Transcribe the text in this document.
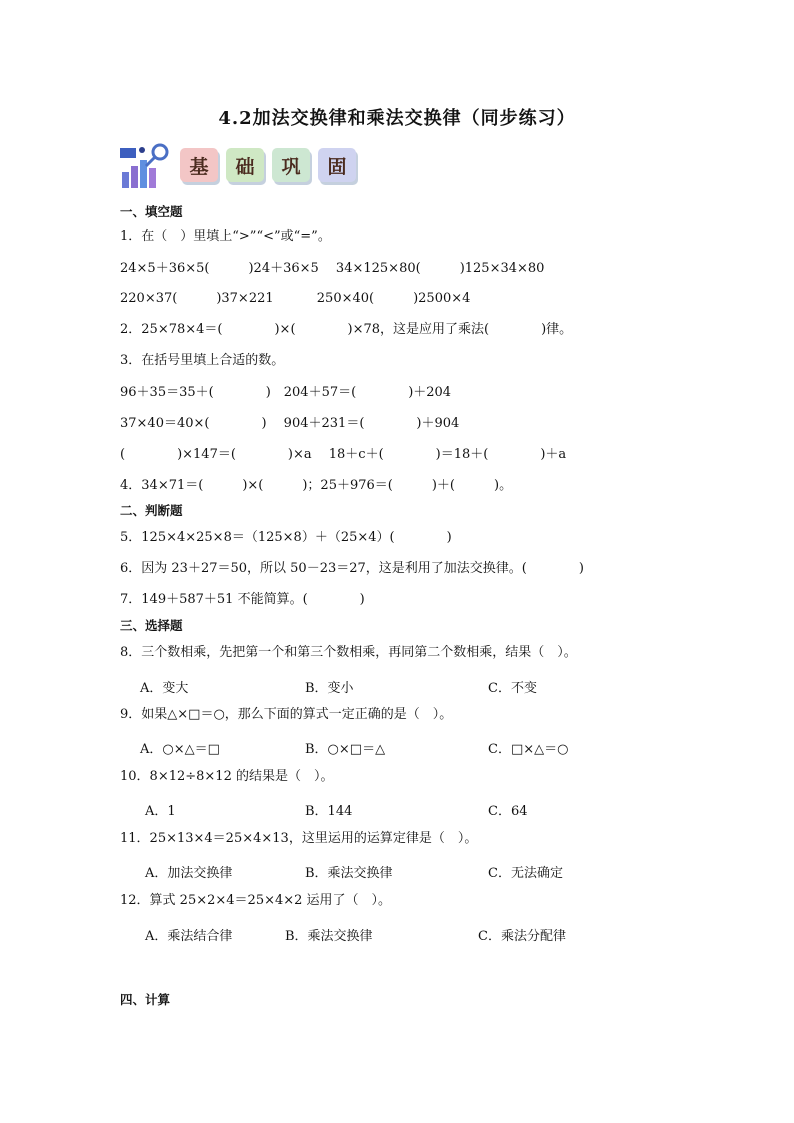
4.2加法交换律和乘法交换律（同步练习）
基	础	巩	固
一、填空题
1．在（　）里填上“>”“<”或“=”。
24×5＋36×5(　　　)24＋36×5　 34×125×80(　　　)125×34×80
220×37(　　　)37×221　　　 250×40(　　　)2500×4
2．25×78×4＝(　　　　)×(　　　　)×78，这是应用了乘法(　　　　)律。
3．在括号里填上合适的数。
96＋35＝35＋(　　　　)　204＋57＝(　　　　)＋204
37×40＝40×(　　　　)　 904＋231＝(　　　　)＋904
(　　　　)×147＝(　　　　)×a　 18＋c＋(　　　　)＝18＋(　　　　)＋a
4．34×71＝(　　　)×(　　　)；25＋976＝(　　　)＋(　　　)。
二、判断题
5．125×4×25×8＝（125×8）＋（25×4）(　　　　)
6．因为 23＋27＝50，所以 50－23＝27，这是利用了加法交换律。(　　　　)
7．149＋587＋51 不能简算。(　　　　)
三、选择题
8．三个数相乘，先把第一个和第三个数相乘，再同第二个数相乘，结果（　）。
A．变大	B．变小	C．不变
9．如果△×□＝○，那么下面的算式一定正确的是（　）。
A．○×△＝□	B．○×□＝△	C．□×△＝○
10．8×12÷8×12 的结果是（　）。
A．1	B．144	C．64
11．25×13×4＝25×4×13，这里运用的运算定律是（　）。
A．加法交换律	B．乘法交换律	C．无法确定
12．算式 25×2×4＝25×4×2 运用了（　）。
A．乘法结合律	B．乘法交换律	C．乘法分配律
四、计算
